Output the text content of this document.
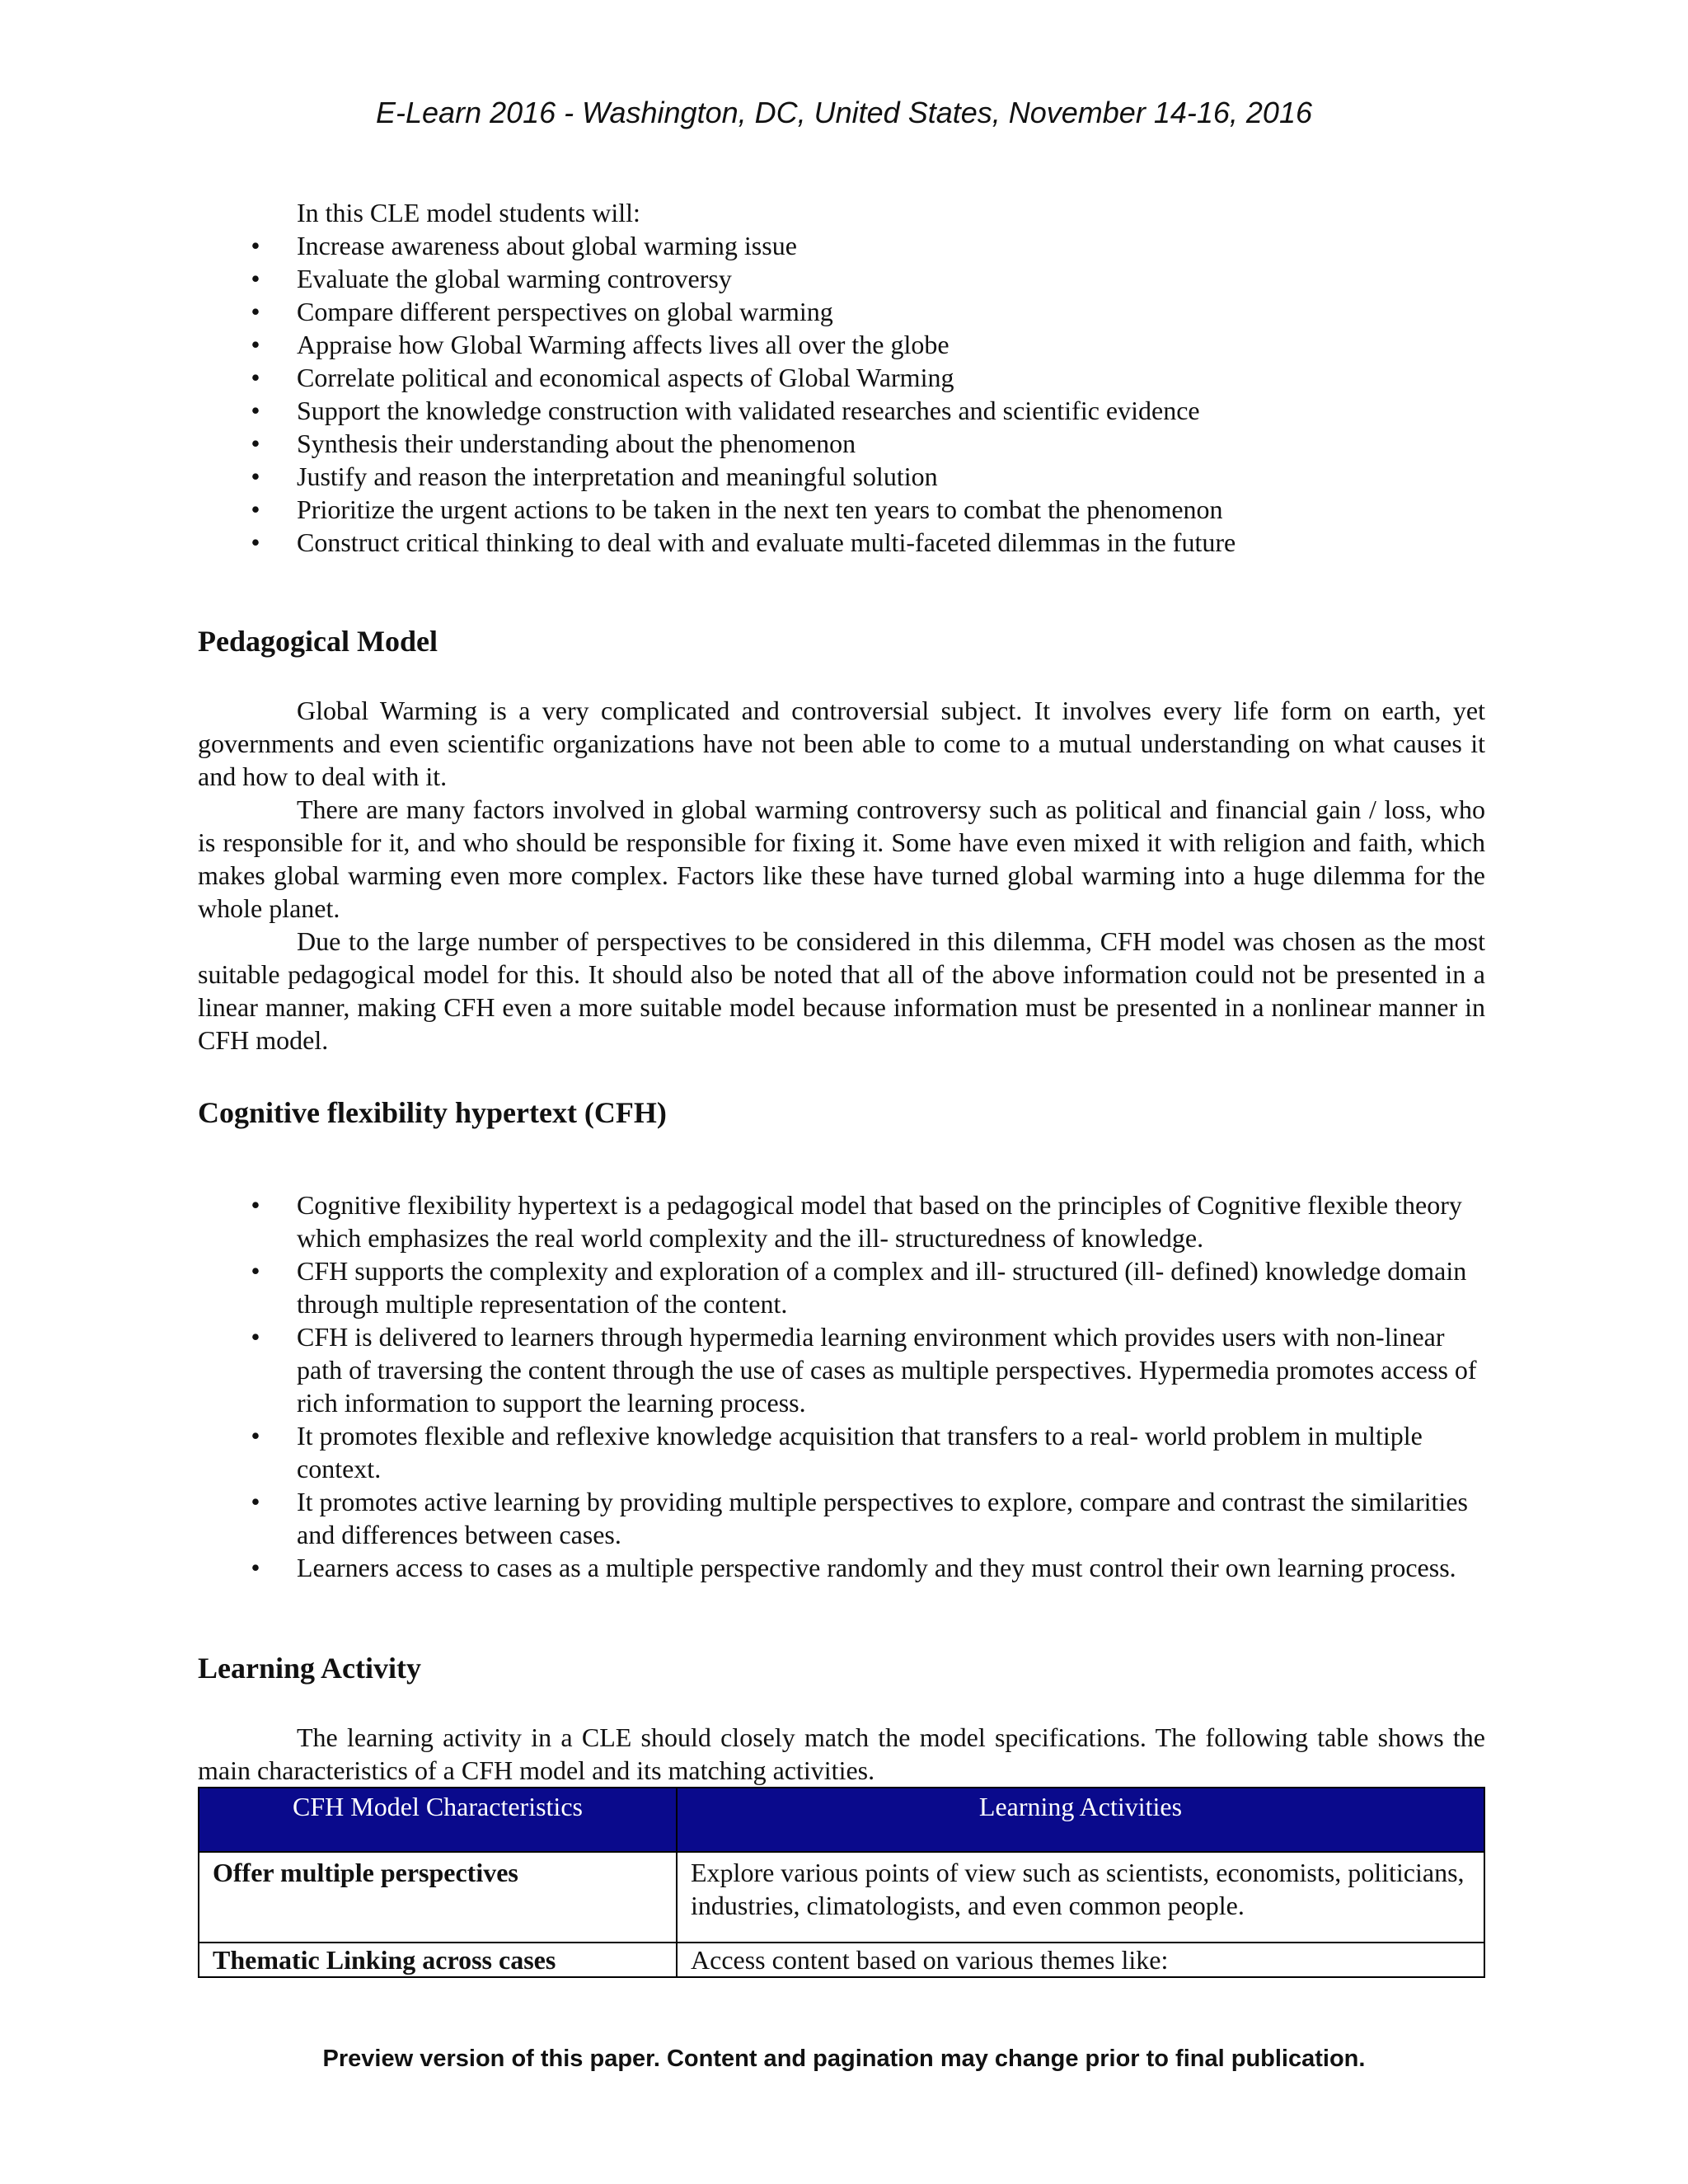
E-Learn 2016 - Washington, DC, United States, November 14-16, 2016

In this CLE model students will:

• Increase awareness about global warming issue
• Evaluate the global warming controversy
• Compare different perspectives on global warming
• Appraise how Global Warming affects lives all over the globe
• Correlate political and economical aspects of Global Warming
• Support the knowledge construction with validated researches and scientific evidence
• Synthesis their understanding about the phenomenon
• Justify and reason the interpretation and meaningful solution
• Prioritize the urgent actions to be taken in the next ten years to combat the phenomenon
• Construct critical thinking to deal with and evaluate multi-faceted dilemmas in the future
Pedagogical Model

Global Warming is a very complicated and controversial subject. It involves every life form on earth, yet governments and even scientific organizations have not been able to come to a mutual understanding on what causes it and how to deal with it.

There are many factors involved in global warming controversy such as political and financial gain / loss, who is responsible for it, and who should be responsible for fixing it. Some have even mixed it with religion and faith, which makes global warming even more complex. Factors like these have turned global warming into a huge dilemma for the whole planet.

Due to the large number of perspectives to be considered in this dilemma, CFH model was chosen as the most suitable pedagogical model for this. It should also be noted that all of the above information could not be presented in a linear manner, making CFH even a more suitable model because information must be presented in a nonlinear manner in CFH model.

Cognitive flexibility hypertext (CFH)
• Cognitive flexibility hypertext is a pedagogical model that based on the principles of Cognitive flexible theory which emphasizes the real world complexity and the ill- structuredness of knowledge.
• CFH supports the complexity and exploration of a complex and ill- structured (ill- defined) knowledge domain through multiple representation of the content.
• CFH is delivered to learners through hypermedia learning environment which provides users with non-linear path of traversing the content through the use of cases as multiple perspectives. Hypermedia promotes access of rich information to support the learning process.
• It promotes flexible and reflexive knowledge acquisition that transfers to a real- world problem in multiple context.
• It promotes active learning by providing multiple perspectives to explore, compare and contrast the similarities and differences between cases.
• Learners access to cases as a multiple perspective randomly and they must control their own learning process.
Learning Activity

The learning activity in a CLE should closely match the model specifications. The following table shows the main characteristics of a CFH model and its matching activities.

CFH Model Characteristics	Learning Activities
Offer multiple perspectives	Explore various points of view such as scientists, economists, politicians, industries, climatologists, and even common people.
Thematic Linking across cases	Access content based on various themes like:
Preview version of this paper. Content and pagination may change prior to final publication.
